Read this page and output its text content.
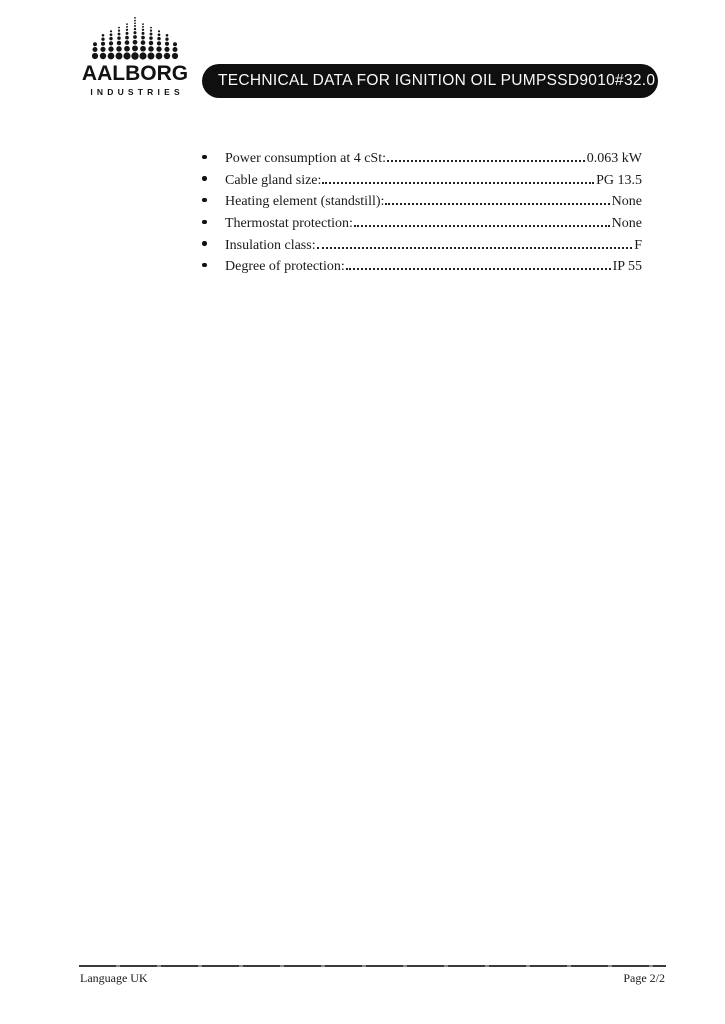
AALBORG
INDUSTRIES
TECHNICAL DATA FOR IGNITION OIL PUMPS SD9010#32.0
Power consumption at 4 cSt:	0.063 kW
Cable gland size:	PG 13.5
Heating element (standstill):	None
Thermostat protection:	None
Insulation class:	F
Degree of protection:	IP 55
Language UK	Page 2/2
